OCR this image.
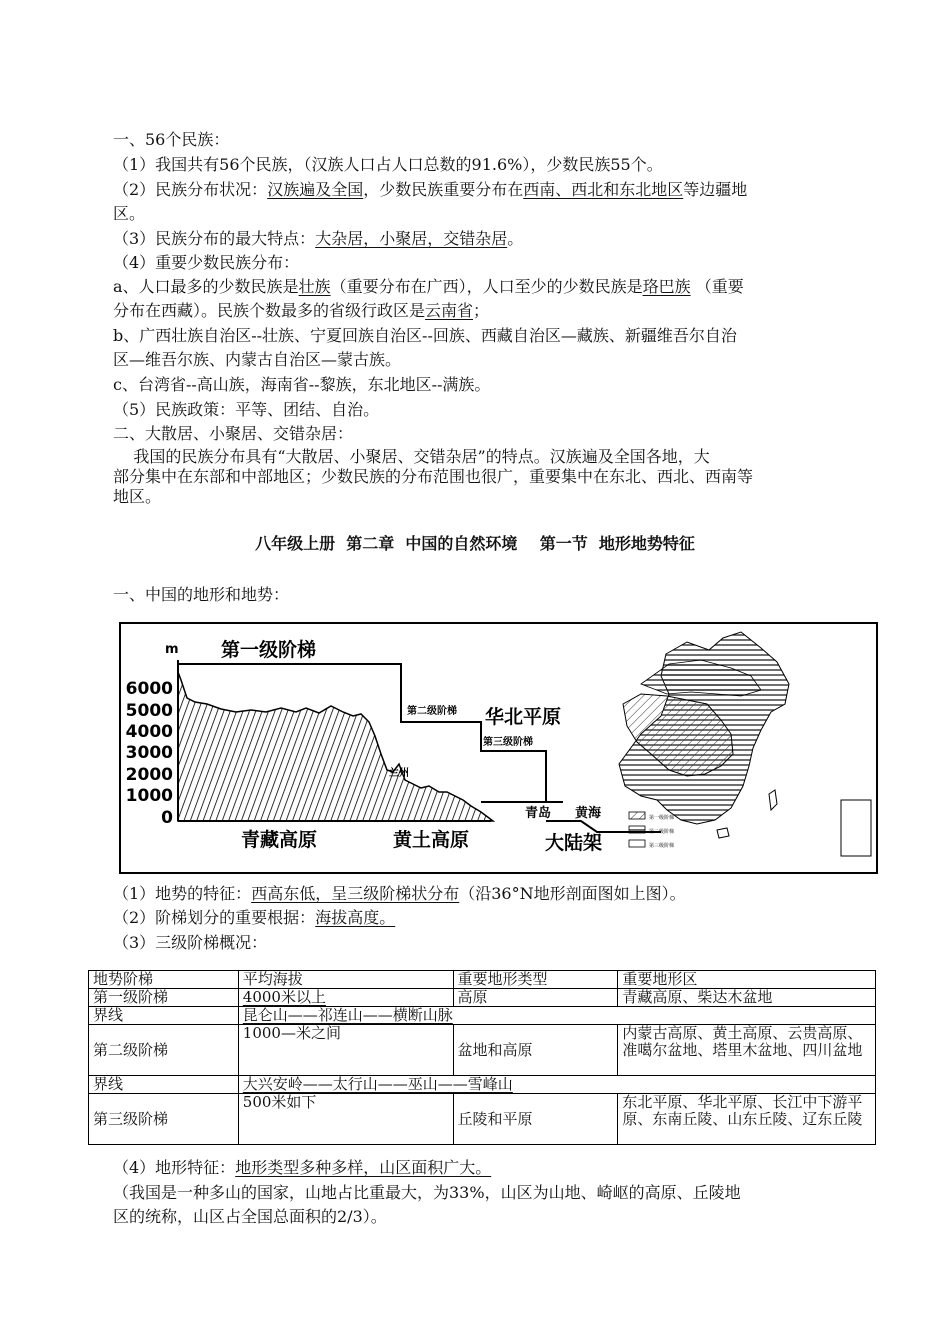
一、56个民族：
（1）我国共有56个民族，（汉族人口占人口总数的91.6%），少数民族55个。
（2）民族分布状况：汉族遍及全国，少数民族重要分布在西南、西北和东北地区等边疆地
区。
（3）民族分布的最大特点：大杂居，小聚居，交错杂居。
（4）重要少数民族分布：
a、人口最多的少数民族是壮族（重要分布在广西），人口至少的少数民族是珞巴族 （重要
分布在西藏）。民族个数最多的省级行政区是云南省；
b、广西壮族自治区--壮族、宁夏回族自治区--回族、西藏自治区—藏族、新疆维吾尔自治
区—维吾尔族、内蒙古自治区—蒙古族。
c、台湾省--高山族，海南省--黎族，东北地区--满族。
（5）民族政策：平等、团结、自治。
二、大散居、小聚居、交错杂居：
我国的民族分布具有“大散居、小聚居、交错杂居”的特点。汉族遍及全国各地，大
部分集中在东部和中部地区；少数民族的分布范围也很广，重要集中在东北、西北、西南等
地区。
八年级上册  第二章  中国的自然环境    第一节  地形地势特征
一、中国的地形和地势：
m
6000
5000
4000
3000
2000
1000
0
第一级阶梯
第二级阶梯 华北平原
第三级阶梯
兰州
青岛 黄海
青藏高原	黄土高原	大陆架
第一级阶梯
第二级阶梯
第三级阶梯
（1）地势的特征：西高东低，呈三级阶梯状分布（沿36°N地形剖面图如上图）。
（2）阶梯划分的重要根据：海拔高度。
（3）三级阶梯概况：
地势阶梯	平均海拔	重要地形类型	重要地形区
第一级阶梯	4000米以上	高原	青藏高原、柴达木盆地
界线	昆仑山——祁连山——横断山脉		
第二级阶梯	1000—米之间	盆地和高原	内蒙古高原、黄土高原、云贵高原、准噶尔盆地、塔里木盆地、四川盆地
界线	大兴安岭——太行山——巫山——雪峰山		
第三级阶梯	500米如下	丘陵和平原	东北平原、华北平原、长江中下游平原、东南丘陵、山东丘陵、辽东丘陵
（4）地形特征：地形类型多种多样，山区面积广大。
（我国是一种多山的国家，山地占比重最大，为33%，山区为山地、崎岖的高原、丘陵地
区的统称，山区占全国总面积的2/3）。
